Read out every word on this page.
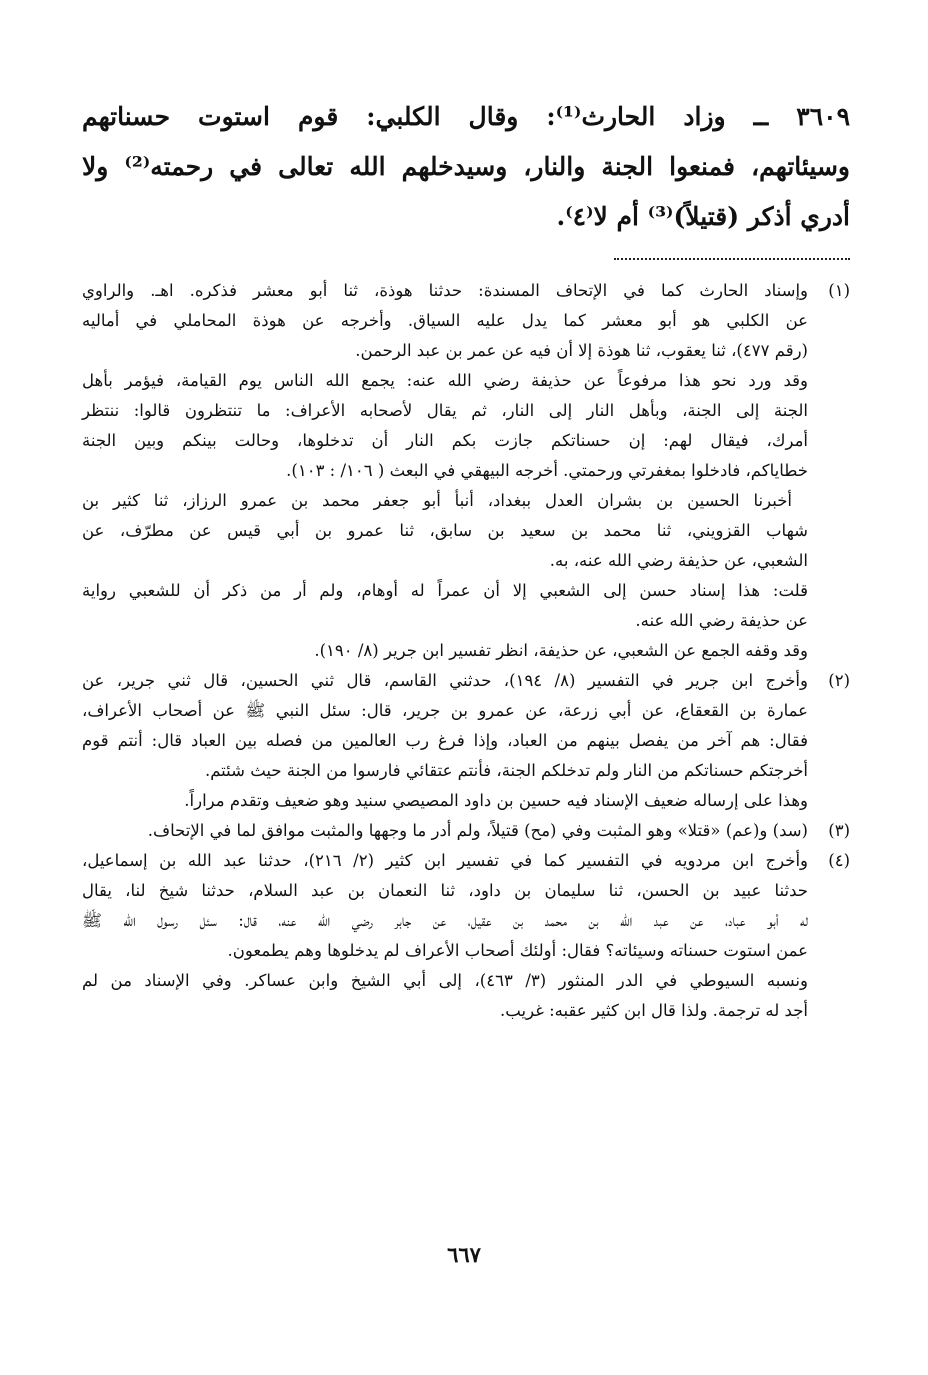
٣٦٠٩ ــ وزاد الحارث⁽¹⁾: وقال الكلبي: قوم استوت حسناتهم
وسيئاتهم، فمنعوا الجنة والنار، وسيدخلهم الله تعالى في رحمته⁽²⁾ ولا
أدري أذكر (قتيلاً)⁽³⁾ أم لا⁽٤⁾.
(١)
وإسناد الحارث كما في الإتحاف المسندة: حدثنا هوذة، ثنا أبو معشر فذكره. اهـ. والراوي
عن الكلبي هو أبو معشر كما يدل عليه السياق. وأخرجه عن هوذة المحاملي في أماليه
(رقم ٤٧٧)، ثنا يعقوب، ثنا هوذة إلا أن فيه عن عمر بن عبد الرحمن.
وقد ورد نحو هذا مرفوعاً عن حذيفة رضي الله عنه: يجمع الله الناس يوم القيامة، فيؤمر بأهل
الجنة إلى الجنة، وبأهل النار إلى النار، ثم يقال لأصحابه الأعراف: ما تنتظرون قالوا: ننتظر
أمرك، فيقال لهم: إن حسناتكم جازت بكم النار أن تدخلوها، وحالت بينكم وبين الجنة
خطاياكم، فادخلوا بمغفرتي ورحمتي. أخرجه البيهقي في البعث ( ١٠٦/ : ١٠٣).
أخبرنا الحسين بن بشران العدل ببغداد، أنبأ أبو جعفر محمد بن عمرو الرزاز، ثنا كثير بن
شهاب القزويني، ثنا محمد بن سعيد بن سابق، ثنا عمرو بن أبي قيس عن مطرّف، عن
الشعبي، عن حذيفة رضي الله عنه، به.
قلت: هذا إسناد حسن إلى الشعبي إلا أن عمراً له أوهام، ولم أر من ذكر أن للشعبي رواية
عن حذيفة رضي الله عنه.
وقد وقفه الجمع عن الشعبي، عن حذيفة، انظر تفسير ابن جرير (٨/ ١٩٠).
(٢)
وأخرج ابن جرير في التفسير (٨/ ١٩٤)، حدثني القاسم، قال ثني الحسين، قال ثني جرير، عن
عمارة بن القعقاع، عن أبي زرعة، عن عمرو بن جرير، قال: سئل النبي ﷺ عن أصحاب الأعراف،
فقال: هم آخر من يفصل بينهم من العباد، وإذا فرغ رب العالمين من فصله بين العباد قال: أنتم قوم
أخرجتكم حسناتكم من النار ولم تدخلكم الجنة، فأنتم عتقائي فارسوا من الجنة حيث شئتم.
وهذا على إرساله ضعيف الإسناد فيه حسين بن داود المصيصي سنيد وهو ضعيف وتقدم مراراً.
(٣)
(سد) و(عم) «قتلا» وهو المثبت وفي (مح) قتيلاً، ولم أدر ما وجهها والمثبت موافق لما في الإتحاف.
(٤)
وأخرج ابن مردويه في التفسير كما في تفسير ابن كثير (٢/ ٢١٦)، حدثنا عبد الله بن إسماعيل،
حدثنا عبيد بن الحسن، ثنا سليمان بن داود، ثنا النعمان بن عبد السلام، حدثنا شيخ لنا، يقال
له أبو عباد، عن عبد الله بن محمد بن عقيل، عن جابر رضي الله عنه، قال: سئل رسول الله ﷺ
عمن استوت حسناته وسيئاته؟ فقال: أولئك أصحاب الأعراف لم يدخلوها وهم يطمعون.
ونسبه السيوطي في الدر المنثور (٣/ ٤٦٣)، إلى أبي الشيخ وابن عساكر. وفي الإسناد من لم
أجد له ترجمة. ولذا قال ابن كثير عقبه: غريب.
٦٦٧
